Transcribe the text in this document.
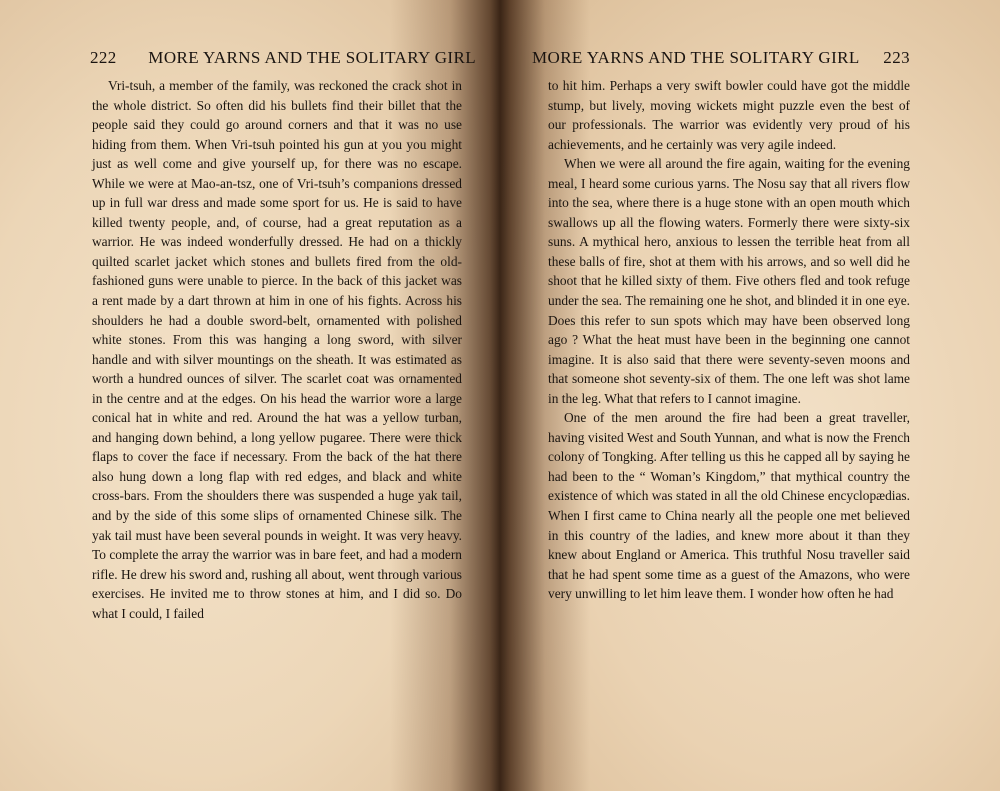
222 MORE YARNS AND THE SOLITARY GIRL

Vri-tsuh, a member of the family, was reckoned the crack shot in the whole district. So often did his bullets find their billet that the people said they could go around corners and that it was no use hiding from them. When Vri-tsuh pointed his gun at you you might just as well come and give yourself up, for there was no escape. While we were at Mao-an-tsz, one of Vri-tsuh’s companions dressed up in full war dress and made some sport for us. He is said to have killed twenty people, and, of course, had a great reputation as a warrior. He was indeed wonderfully dressed. He had on a thickly quilted scarlet jacket which stones and bullets fired from the old-fashioned guns were unable to pierce. In the back of this jacket was a rent made by a dart thrown at him in one of his fights. Across his shoulders he had a double sword-belt, ornamented with polished white stones. From this was hanging a long sword, with silver handle and with silver mountings on the sheath. It was estimated as worth a hundred ounces of silver. The scarlet coat was ornamented in the centre and at the edges. On his head the warrior wore a large conical hat in white and red. Around the hat was a yellow turban, and hanging down behind, a long yellow pugaree. There were thick flaps to cover the face if necessary. From the back of the hat there also hung down a long flap with red edges, and black and white cross-bars. From the shoulders there was suspended a huge yak tail, and by the side of this some slips of ornamented Chinese silk. The yak tail must have been several pounds in weight. It was very heavy. To complete the array the warrior was in bare feet, and had a modern rifle. He drew his sword and, rushing all about, went through various exercises. He invited me to throw stones at him, and I did so. Do what I could, I failed

MORE YARNS AND THE SOLITARY GIRL 223

to hit him. Perhaps a very swift bowler could have got the middle stump, but lively, moving wickets might puzzle even the best of our professionals. The warrior was evidently very proud of his achievements, and he certainly was very agile indeed.

When we were all around the fire again, waiting for the evening meal, I heard some curious yarns. The Nosu say that all rivers flow into the sea, where there is a huge stone with an open mouth which swallows up all the flowing waters. Formerly there were sixty-six suns. A mythical hero, anxious to lessen the terrible heat from all these balls of fire, shot at them with his arrows, and so well did he shoot that he killed sixty of them. Five others fled and took refuge under the sea. The remaining one he shot, and blinded it in one eye. Does this refer to sun spots which may have been observed long ago ? What the heat must have been in the beginning one cannot imagine. It is also said that there were seventy-seven moons and that someone shot seventy-six of them. The one left was shot lame in the leg. What that refers to I cannot imagine.

One of the men around the fire had been a great traveller, having visited West and South Yunnan, and what is now the French colony of Tongking. After telling us this he capped all by saying he had been to the “ Woman’s Kingdom,” that mythical country the existence of which was stated in all the old Chinese encyclopædias. When I first came to China nearly all the people one met believed in this country of the ladies, and knew more about it than they knew about England or America. This truthful Nosu traveller said that he had spent some time as a guest of the Amazons, who were very unwilling to let him leave them. I wonder how often he had
